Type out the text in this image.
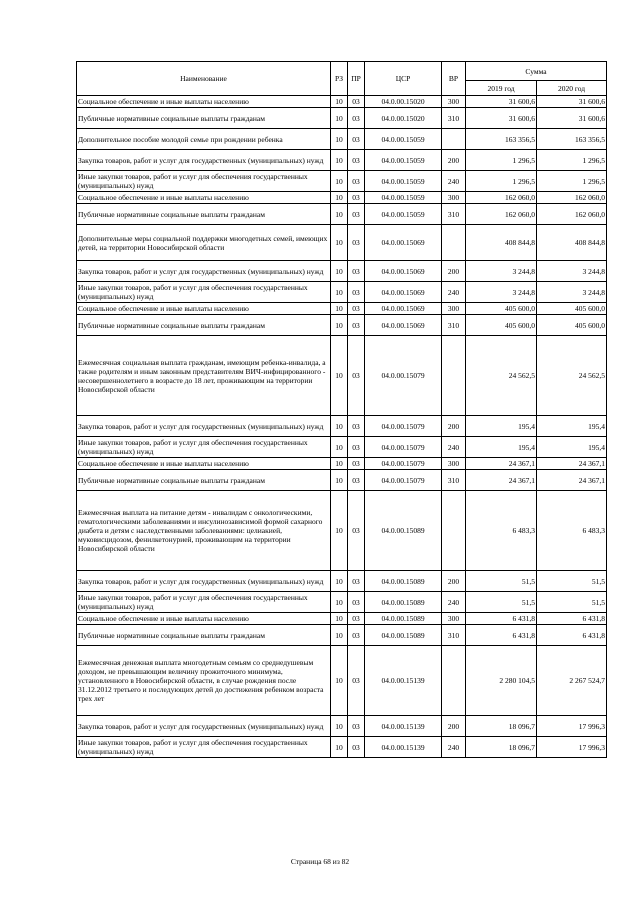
Наименование	РЗ	ПР	ЦСР	ВР	Сумма	
					2019 год	2020 год
Социальное обеспечение и иные выплаты населению	10	03	04.0.00.15020	300	31 600,6	31 600,6
Публичные нормативные социальные выплаты гражданам	10	03	04.0.00.15020	310	31 600,6	31 600,6
Дополнительное пособие молодой семье при рождении ребенка	10	03	04.0.00.15059		163 356,5	163 356,5
Закупка товаров, работ и услуг для государственных (муниципальных) нужд	10	03	04.0.00.15059	200	1 296,5	1 296,5
Иные закупки товаров, работ и услуг для обеспечения государственных (муниципальных) нужд	10	03	04.0.00.15059	240	1 296,5	1 296,5
Социальное обеспечение и иные выплаты населению	10	03	04.0.00.15059	300	162 060,0	162 060,0
Публичные нормативные социальные выплаты гражданам	10	03	04.0.00.15059	310	162 060,0	162 060,0
Дополнительные меры социальной поддержки многодетных семей, имеющих детей, на территории Новосибирской области	10	03	04.0.00.15069		408 844,8	408 844,8
Закупка товаров, работ и услуг для государственных (муниципальных) нужд	10	03	04.0.00.15069	200	3 244,8	3 244,8
Иные закупки товаров, работ и услуг для обеспечения государственных (муниципальных) нужд	10	03	04.0.00.15069	240	3 244,8	3 244,8
Социальное обеспечение и иные выплаты населению	10	03	04.0.00.15069	300	405 600,0	405 600,0
Публичные нормативные социальные выплаты гражданам	10	03	04.0.00.15069	310	405 600,0	405 600,0
Ежемесячная социальная выплата гражданам, имеющим ребенка-инвалида, а также родителям и иным законным представителям ВИЧ-инфицированного - несовершеннолетнего в возрасте до 18 лет, проживающим на территории Новосибирской области	10	03	04.0.00.15079		24 562,5	24 562,5
Закупка товаров, работ и услуг для государственных (муниципальных) нужд	10	03	04.0.00.15079	200	195,4	195,4
Иные закупки товаров, работ и услуг для обеспечения государственных (муниципальных) нужд	10	03	04.0.00.15079	240	195,4	195,4
Социальное обеспечение и иные выплаты населению	10	03	04.0.00.15079	300	24 367,1	24 367,1
Публичные нормативные социальные выплаты гражданам	10	03	04.0.00.15079	310	24 367,1	24 367,1
Ежемесячная выплата на питание детям - инвалидам с онкологическими, гематологическими заболеваниями и инсулинозависимой формой сахарного диабета и детям с наследственными заболеваниями: целиакией, муковисцидозом, фенилкетонурией, проживающим на территории Новосибирской области	10	03	04.0.00.15089		6 483,3	6 483,3
Закупка товаров, работ и услуг для государственных (муниципальных) нужд	10	03	04.0.00.15089	200	51,5	51,5
Иные закупки товаров, работ и услуг для обеспечения государственных (муниципальных) нужд	10	03	04.0.00.15089	240	51,5	51,5
Социальное обеспечение и иные выплаты населению	10	03	04.0.00.15089	300	6 431,8	6 431,8
Публичные нормативные социальные выплаты гражданам	10	03	04.0.00.15089	310	6 431,8	6 431,8
Ежемесячная денежная выплата многодетным семьям со среднедушевым доходом, не превышающим величину прожиточного минимума, установленного в Новосибирской области, в случае рождения после 31.12.2012 третьего и последующих детей до достижения ребенком возраста трех лет	10	03	04.0.00.15139		2 280 104,5	2 267 524,7
Закупка товаров, работ и услуг для государственных (муниципальных) нужд	10	03	04.0.00.15139	200	18 096,7	17 996,3
Иные закупки товаров, работ и услуг для обеспечения государственных (муниципальных) нужд	10	03	04.0.00.15139	240	18 096,7	17 996,3
Страница 68 из 82
